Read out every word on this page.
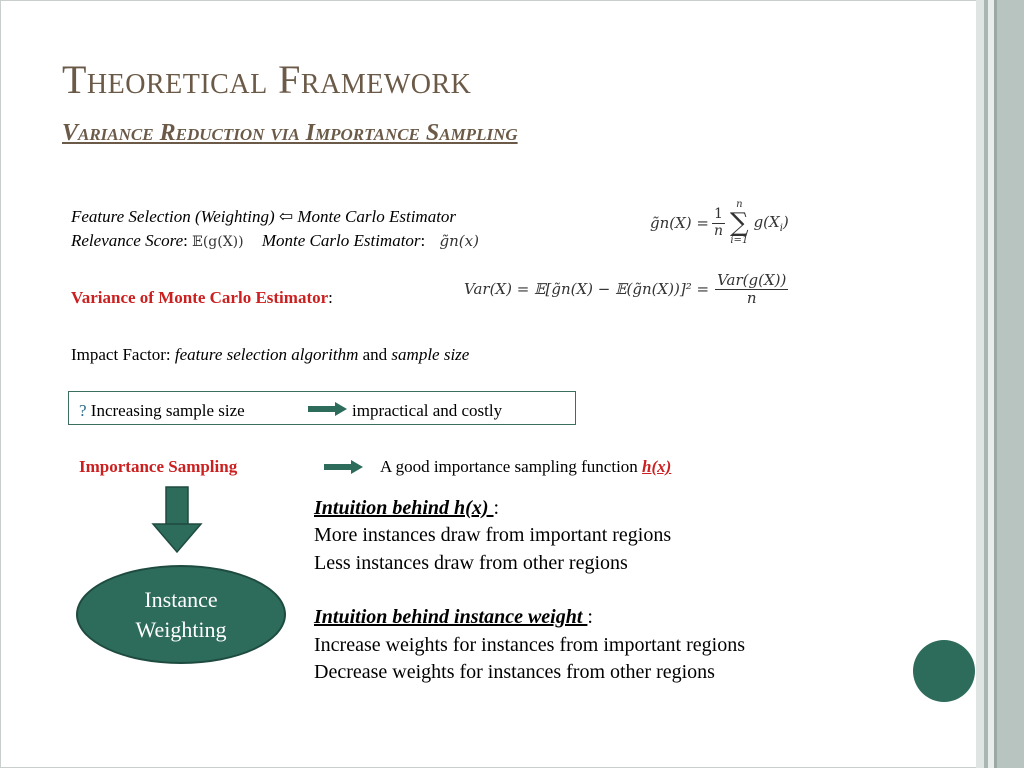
Theoretical Framework
Variance Reduction via Importance Sampling
Feature Selection (Weighting) ⇦ Monte Carlo Estimator
Relevance Score: 𝔼(g(X)) Monte Carlo Estimator: g̃n(x)
g̃n(X) = $\frac{1}{n}$
n
∑
i=1
$g(X_i)$
Variance of Monte Carlo Estimator:	Var(X) = 𝔼[g̃n(X) − 𝔼(g̃n(X))]² = $\frac{\text{Var(g(X))}}{n}$
Impact Factor: feature selection algorithm and sample size
? Increasing sample size	impractical and costly
Importance Sampling	A good importance sampling function h(x)
Instance
Weighting
Intuition behind h(x) :
More instances draw from important regions
Less instances draw from other regions
Intuition behind instance weight :
Increase weights for instances from important regions
Decrease weights for instances from other regions
